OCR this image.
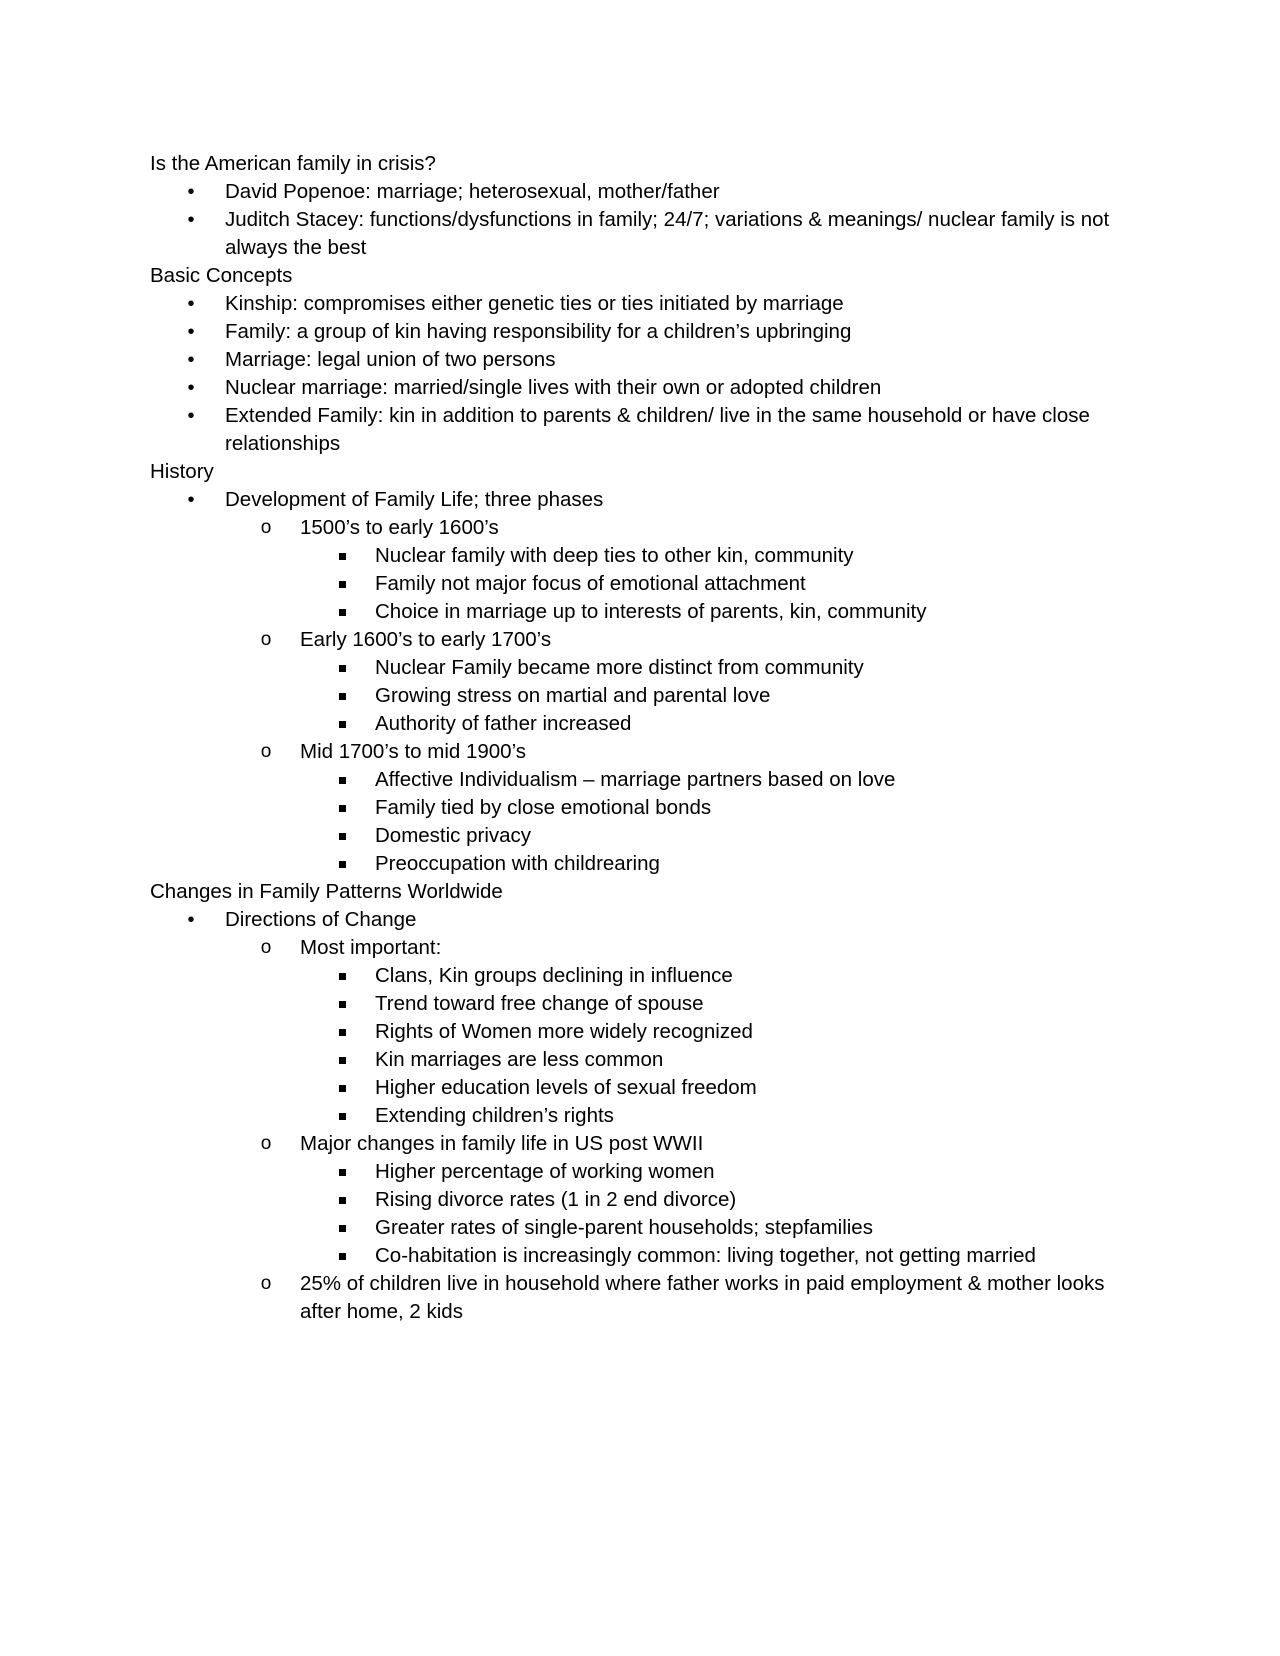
Is the American family in crisis?
• David Popenoe: marriage; heterosexual, mother/father
• Juditch Stacey: functions/dysfunctions in family; 24/7; variations & meanings/ nuclear family is not always the best
Basic Concepts
• Kinship: compromises either genetic ties or ties initiated by marriage
• Family: a group of kin having responsibility for a children’s upbringing
• Marriage: legal union of two persons
• Nuclear marriage: married/single lives with their own or adopted children
• Extended Family: kin in addition to parents & children/ live in the same household or have close relationships
History
• Development of Family Life; three phases
o 1500’s to early 1600’s
Nuclear family with deep ties to other kin, community
Family not major focus of emotional attachment
Choice in marriage up to interests of parents, kin, community
o Early 1600’s to early 1700’s
Nuclear Family became more distinct from community
Growing stress on martial and parental love
Authority of father increased
o Mid 1700’s to mid 1900’s
Affective Individualism – marriage partners based on love
Family tied by close emotional bonds
Domestic privacy
Preoccupation with childrearing
Changes in Family Patterns Worldwide
• Directions of Change
o Most important:
Clans, Kin groups declining in influence
Trend toward free change of spouse
Rights of Women more widely recognized
Kin marriages are less common
Higher education levels of sexual freedom
Extending children’s rights
o Major changes in family life in US post WWII
Higher percentage of working women
Rising divorce rates (1 in 2 end divorce)
Greater rates of single-parent households; stepfamilies
Co-habitation is increasingly common: living together, not getting married
o 25% of children live in household where father works in paid employment & mother looks after home, 2 kids
